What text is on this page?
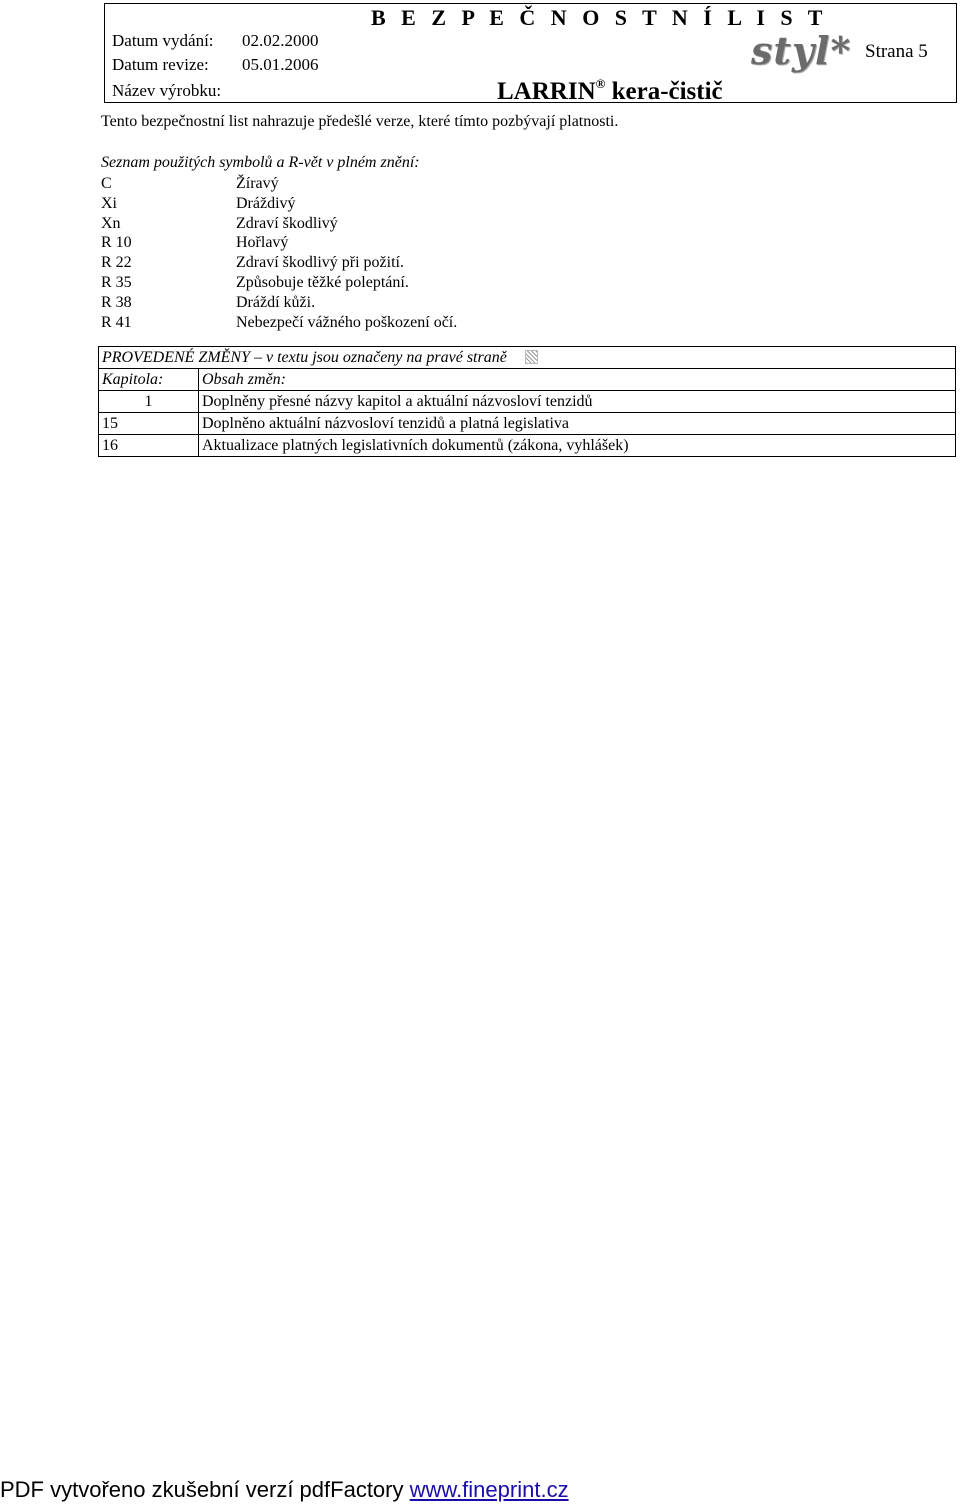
B E Z P E Č N O S T N Í L I S T
Datum vydání: 02.02.2000
Datum revize: 05.01.2006
Název výrobku:	LARRIN® kera-čistič
styl* Strana 5
Tento bezpečnostní list nahrazuje předešlé verze, které tímto pozbývají platnosti.
Seznam použitých symbolů a R-vět v plném znění:
C	Žíravý
Xi	Dráždivý
Xn	Zdraví škodlivý
R 10	Hořlavý
R 22	Zdraví škodlivý při požití.
R 35	Způsobuje těžké poleptání.
R 38	Dráždí kůži.
R 41	Nebezpečí vážného poškození očí.
PROVEDENÉ ZMĚNY – v textu jsou označeny na pravé straně	
Kapitola:	Obsah změn:
1	Doplněny přesné názvy kapitol a aktuální názvosloví tenzidů
15	Doplněno aktuální názvosloví tenzidů a platná legislativa
16	Aktualizace platných legislativních dokumentů (zákona, vyhlášek)
PDF vytvořeno zkušební verzí pdfFactory www.fineprint.cz
